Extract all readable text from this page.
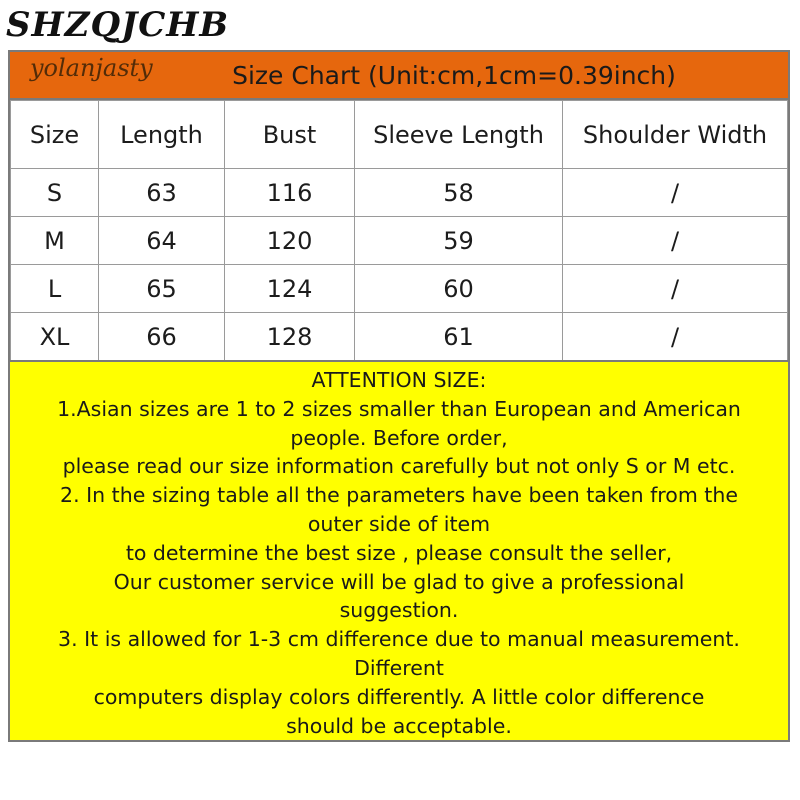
SHZQJCHB
yolanjasty	Size Chart (Unit:cm,1cm=0.39inch)
Size	Length	Bust	Sleeve Length	Shoulder Width
S	63	116	58	/
M	64	120	59	/
L	65	124	60	/
XL	66	128	61	/
ATTENTION SIZE:
1.Asian sizes are 1 to 2 sizes smaller than European and American
people. Before order,
please read our size information carefully but not only S or M etc.
2. In the sizing table all the parameters have been taken from the
outer side of item
to determine the best size , please consult the seller,
Our customer service will be glad to give a professional
suggestion.
3. It is allowed for 1-3 cm difference due to manual measurement.
Different
computers display colors differently. A little color difference
should be acceptable.
